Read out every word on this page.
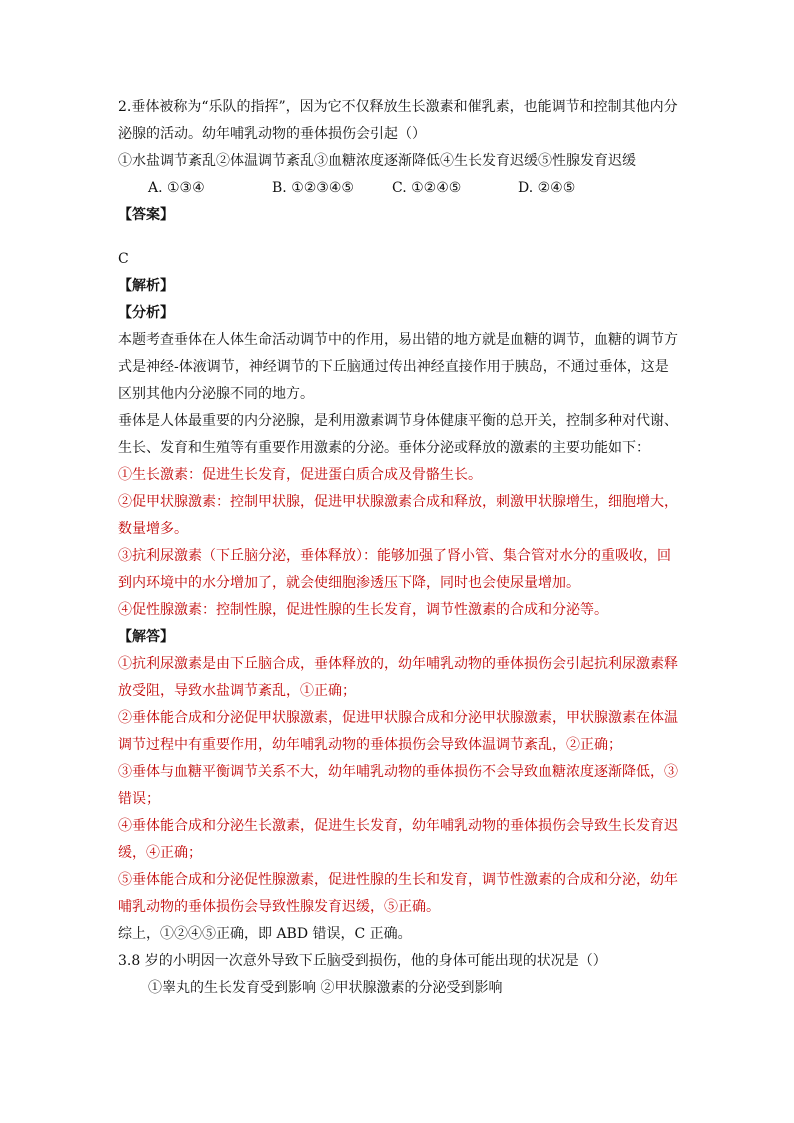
2.垂体被称为“乐队的指挥”，因为它不仅释放生长激素和催乳素，也能调节和控制其他内分
泌腺的活动。幼年哺乳动物的垂体损伤会引起（）
①水盐调节紊乱②体温调节紊乱③血糖浓度逐渐降低④生长发育迟缓⑤性腺发育迟缓
A. ①③④	B. ①②③④⑤	C. ①②④⑤	D. ②④⑤
【答案】
C
【解析】
【分析】
本题考查垂体在人体生命活动调节中的作用，易出错的地方就是血糖的调节，血糖的调节方
式是神经-体液调节，神经调节的下丘脑通过传出神经直接作用于胰岛，不通过垂体，这是
区别其他内分泌腺不同的地方。
垂体是人体最重要的内分泌腺，是利用激素调节身体健康平衡的总开关，控制多种对代谢、
生长、发育和生殖等有重要作用激素的分泌。垂体分泌或释放的激素的主要功能如下：
①生长激素：促进生长发育，促进蛋白质合成及骨骼生长。
②促甲状腺激素：控制甲状腺，促进甲状腺激素合成和释放，刺激甲状腺增生，细胞增大，
数量增多。
③抗利尿激素（下丘脑分泌，垂体释放）：能够加强了肾小管、集合管对水分的重吸收，回
到内环境中的水分增加了，就会使细胞渗透压下降，同时也会使尿量增加。
④促性腺激素：控制性腺，促进性腺的生长发育，调节性激素的合成和分泌等。
【解答】
①抗利尿激素是由下丘脑合成，垂体释放的，幼年哺乳动物的垂体损伤会引起抗利尿激素释
放受阻，导致水盐调节紊乱，①正确；
②垂体能合成和分泌促甲状腺激素，促进甲状腺合成和分泌甲状腺激素，甲状腺激素在体温
调节过程中有重要作用，幼年哺乳动物的垂体损伤会导致体温调节紊乱，②正确；
③垂体与血糖平衡调节关系不大，幼年哺乳动物的垂体损伤不会导致血糖浓度逐渐降低，③
错误；
④垂体能合成和分泌生长激素，促进生长发育，幼年哺乳动物的垂体损伤会导致生长发育迟
缓，④正确；
⑤垂体能合成和分泌促性腺激素，促进性腺的生长和发育，调节性激素的合成和分泌，幼年
哺乳动物的垂体损伤会导致性腺发育迟缓，⑤正确。
综上，①②④⑤正确，即 ABD 错误，C 正确。
3.8 岁的小明因一次意外导致下丘脑受到损伤，他的身体可能出现的状况是（）
①睾丸的生长发育受到影响 ②甲状腺激素的分泌受到影响
